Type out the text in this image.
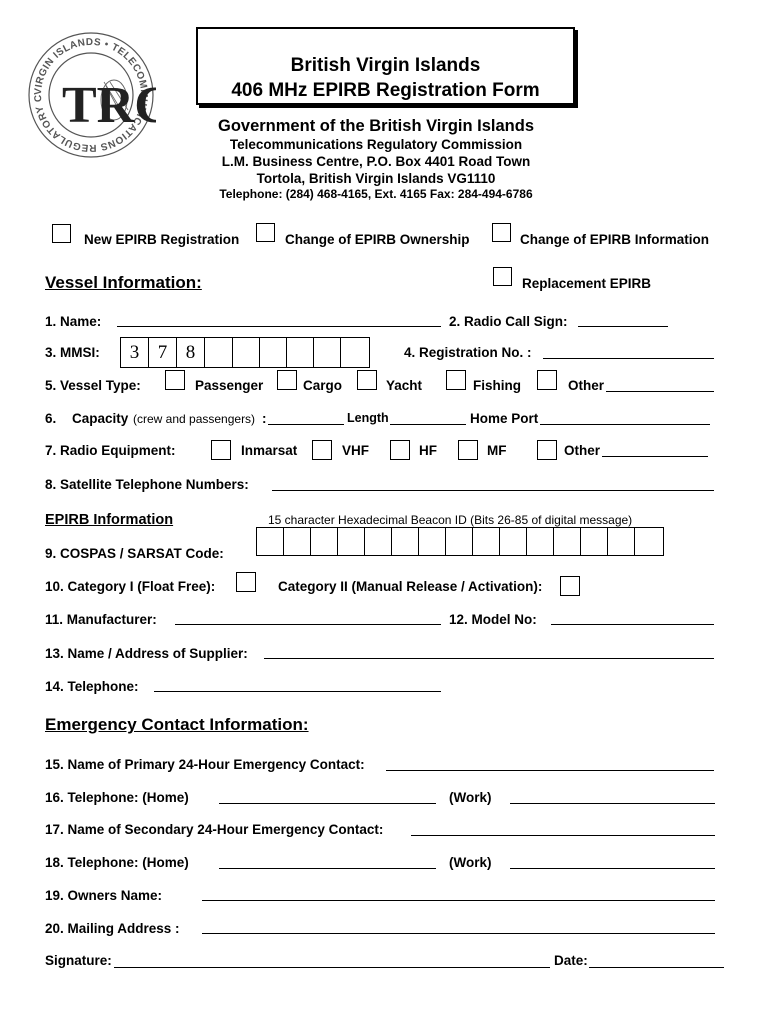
VIRGIN ISLANDS • TELECOMMUNICATIONS REGULATORY C TRC
British Virgin Islands
406 MHz EPIRB Registration Form
Government of the British Virgin Islands
Telecommunications Regulatory Commission
L.M. Business Centre, P.O. Box 4401 Road Town
Tortola, British Virgin Islands VG1110
Telephone: (284) 468-4165, Ext. 4165 Fax: 284-494-6786
New EPIRB Registration	Change of EPIRB Ownership	Change of EPIRB Information
Replacement EPIRB
Vessel Information:
1. Name:	2. Radio Call Sign:
3. MMSI:	3 7 8	4. Registration No. :
5. Vessel Type:	Passenger	Cargo	Yacht	Fishing	Other
6. Capacity (crew and passengers) :	Length	Home Port
7. Radio Equipment:	Inmarsat	VHF	HF	MF	Other
8. Satellite Telephone Numbers:
EPIRB Information	15 character Hexadecimal Beacon ID (Bits 26-85 of digital message)
9. COSPAS / SARSAT Code:
10. Category I (Float Free):	Category II (Manual Release / Activation):
11. Manufacturer:	12. Model No:
13. Name / Address of Supplier:
14. Telephone:
Emergency Contact Information:
15. Name of Primary 24-Hour Emergency Contact:
16. Telephone: (Home)	(Work)
17. Name of Secondary 24-Hour Emergency Contact:
18. Telephone: (Home)	(Work)
19. Owners Name:
20. Mailing Address :
Signature:	Date:
